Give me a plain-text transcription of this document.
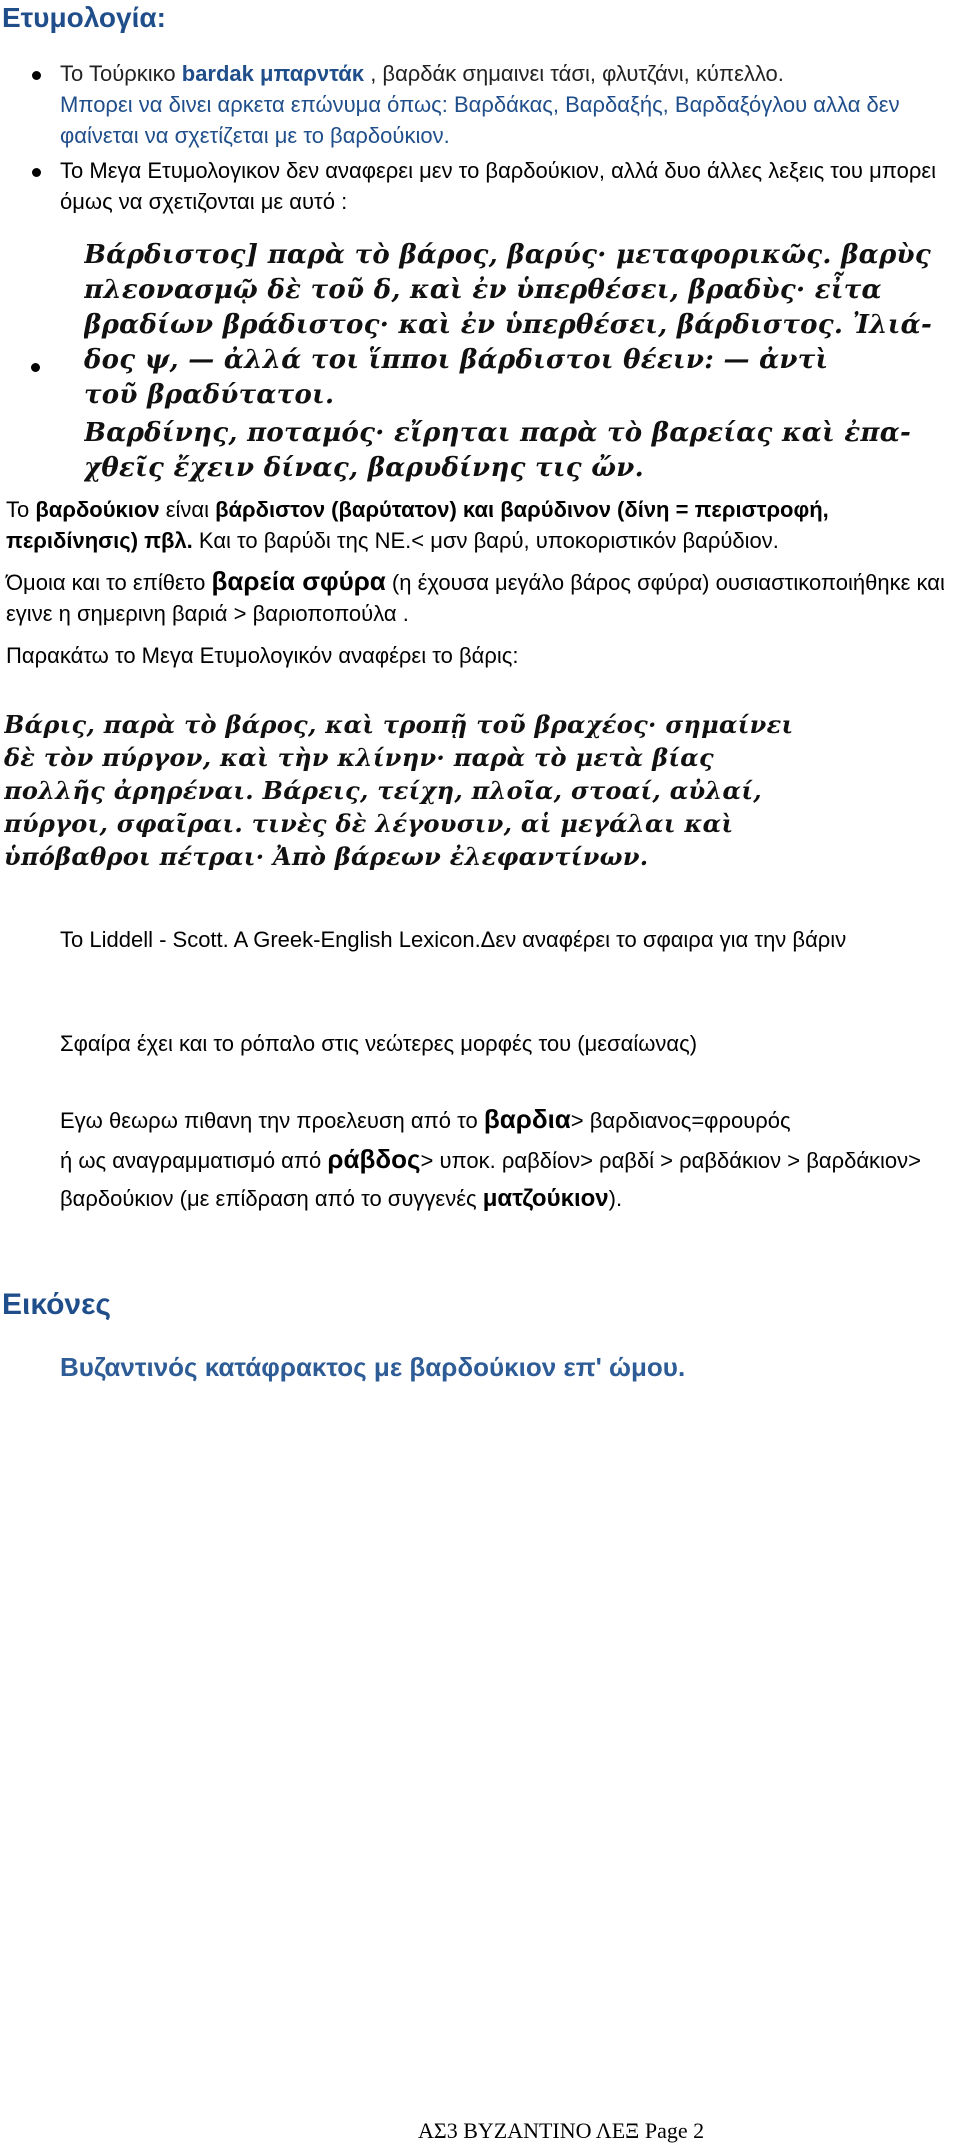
Ετυμολογία:
Το Τούρκικο bardak μπαρντάκ , βαρδάκ σημαινει τάσι, φλυτζάνι, κύπελλο.
Μπορει να δινει αρκετα επώνυμα όπως: Βαρδάκας, Βαρδαξής, Βαρδαξόγλου αλλα δεν φαίνεται να σχετίζεται με το βαρδούκιον.
Το Μεγα Ετυμολογικον δεν αναφερει μεν το βαρδούκιον, αλλά δυο άλλες λεξεις του μπορει όμως να σχετιζονται με αυτό :
Βάρδιστος] παρὰ τὸ βάρος, βαρύς· μεταφορικῶς. βαρὺς
πλεονασμῷ δὲ τοῦ δ, καὶ ἐν ὑπερθέσει, βραδὺς· εἶτα
βραδίων βράδιστος· καὶ ἐν ὑπερθέσει, βάρδιστος. Ἰλιά-
δος ψ, — ἀλλά τοι ἵπποι βάρδιστοι θέειν: — ἀντὶ
τοῦ βραδύτατοι.
Βαρδίνης, ποταμός· εἴρηται παρὰ τὸ βαρείας καὶ ἐπα-
χθεῖς ἔχειν δίνας, βαρυδίνης τις ὤν.

Το βαρδούκιον είναι βάρδιστον (βαρύτατον) και βαρύδινον (δίνη = περιστροφή, περιδίνησις) πβλ. Και το βαρύδι της ΝΕ.< μσν βαρύ, υποκοριστικόν βαρύδιον.

Όμοια και το επίθετο βαρεία σφύρα (η έχουσα μεγάλο βάρος σφύρα) ουσιαστικοποιήθηκε και εγινε η σημερινη βαριά > βαριοποπούλα .

Παρακάτω το Μεγα Ετυμολογικόν αναφέρει το βάρις:

Βάρις, παρὰ τὸ βάρος, καὶ τροπῇ τοῦ βραχέος· σημαίνει
δὲ τὸν πύργον, καὶ τὴν κλίνην· παρὰ τὸ μετὰ βίας
πολλῆς ἀρηρέναι. Βάρεις, τείχη, πλοῖα, στοαί, αὐλαί,
πύργοι, σφαῖραι. τινὲς δὲ λέγουσιν, αἱ μεγάλαι καὶ
ὑπόβαθροι πέτραι· Ἀπὸ βάρεων ἐλεφαντίνων.

Το Liddell - Scott. A Greek-English Lexicon.Δεν αναφέρει το σφαιρα για την βάριν

Σφαίρα έχει και το ρόπαλο στις νεώτερες μορφές του (μεσαίωνας)

Εγω θεωρω πιθανη την προελευση από το βαρδια> βαρδιανος=φρουρός
ή ως αναγραμματισμό από ράβδος> υποκ. ραβδίον> ραβδί > ραβδάκιον > βαρδάκιον> βαρδούκιον (με επίδραση από το συγγενές ματζούκιον).

Εικόνες
Βυζαντινός κατάφρακτος με βαρδούκιον επ' ώμου.
ΑΣ3 ΒΥΖΑΝΤΙΝΟ ΛΕΞ Page 2
